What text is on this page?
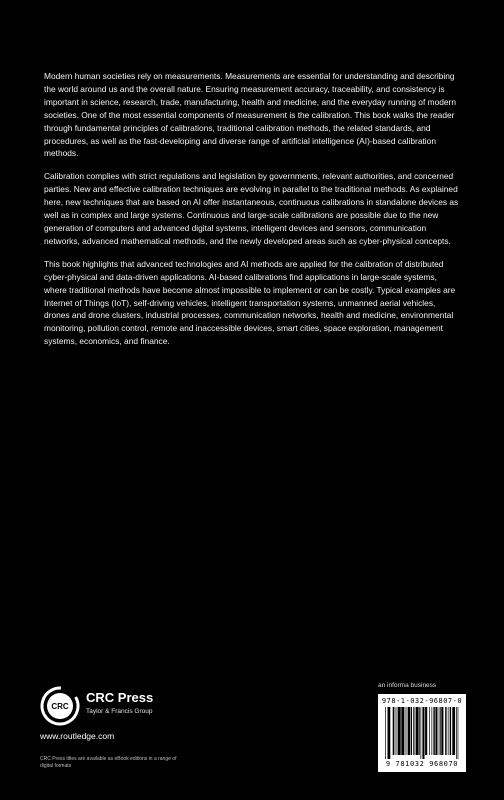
Modern human societies rely on measurements. Measurements are essential for understanding and describing the world around us and the overall nature. Ensuring measurement accuracy, traceability, and consistency is important in science, research, trade, manufacturing, health and medicine, and the everyday running of modern societies. One of the most essential components of measurement is the calibration. This book walks the reader through fundamental principles of calibrations, traditional calibration methods, the related standards, and procedures, as well as the fast-developing and diverse range of artificial intelligence (AI)-based calibration methods.

Calibration complies with strict regulations and legislation by governments, relevant authorities, and concerned parties. New and effective calibration techniques are evolving in parallel to the traditional methods. As explained here, new techniques that are based on AI offer instantaneous, continuous calibrations in standalone devices as well as in complex and large systems. Continuous and large-scale calibrations are possible due to the new generation of computers and advanced digital systems, intelligent devices and sensors, communication networks, advanced mathematical methods, and the newly developed areas such as cyber-physical concepts.

This book highlights that advanced technologies and AI methods are applied for the calibration of distributed cyber-physical and data-driven applications. AI-based calibrations find applications in large-scale systems, where traditional methods have become almost impossible to implement or can be costly. Typical examples are Internet of Things (IoT), self-driving vehicles, intelligent transportation systems, unmanned aerial vehicles, drones and drone clusters, industrial processes, communication networks, health and medicine, environmental monitoring, pollution control, remote and inaccessible devices, smart cities, space exploration, management systems, economics, and finance.

CRC
CRC Press
Taylor & Francis Group
www.routledge.com
CRC Press titles are available as eBook editions in a range of digital formats
an informa business
978-1-032-96807-0
9 781032 968070
